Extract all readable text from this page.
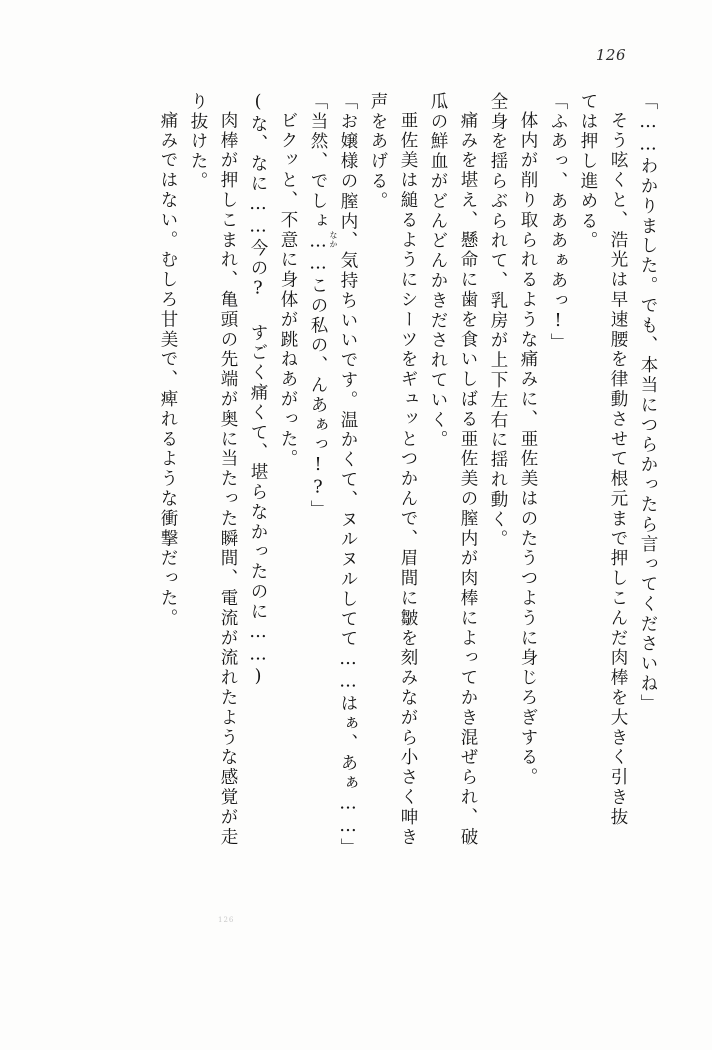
126
「……わかりました。でも、本当につらかったら言ってくださいね」
そう呟くと、浩光は早速腰を律動させて根元まで押しこんだ肉棒を大きく引き抜
ては押し進める。
「ふあっ、あああぁあっ!」
体内が削り取られるような痛みに、亜佐美はのたうつように身じろぎする。
全身を揺らぶられて、乳房が上下左右に揺れ動く。
痛みを堪え、懸命に歯を食いしばる亜佐美の膣内が肉棒によってかき混ぜられ、破
瓜の鮮血がどんどんかきだされていく。
亜佐美は縋るようにシーツをギュッとつかんで、眉間に皺を刻みながら小さく呻き
声をあげる。
「お嬢様の膣内
なか 、気持ちいいです。温かくて、ヌルヌルしてて……はぁ、あぁ……」
「当然、でしょ……この私の、んあぁっ!?」
ビクッと、不意に身体が跳ねあがった。
(な、なに……今の? すごく痛くて、堪らなかったのに……)
肉棒が押しこまれ、亀頭の先端が奥に当たった瞬間、電流が流れたような感覚が走
り抜けた。
痛みではない。むしろ甘美で、痺れるような衝撃だった。
126
